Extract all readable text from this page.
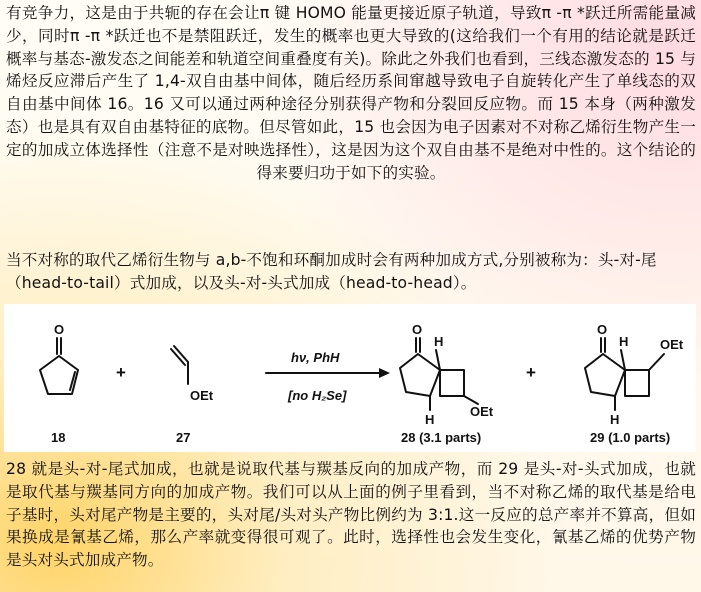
有竞争力，这是由于共轭的存在会让π 键 HOMO 能量更接近原子轨道，导致π -π *跃迁所需能量减少，同时π -π *跃迁也不是禁阻跃迁，发生的概率也更大导致的(这给我们一个有用的结论就是跃迁概率与基态-激发态之间能差和轨道空间重叠度有关)。除此之外我们也看到，三线态激发态的 15 与烯烃反应滞后产生了 1,4-双自由基中间体，随后经历系间窜越导致电子自旋转化产生了单线态的双自由基中间体 16。16 又可以通过两种途径分别获得产物和分裂回反应物。而 15 本身（两种激发态）也是具有双自由基特征的底物。但尽管如此，15 也会因为电子因素对不对称乙烯衍生物产生一定的加成立体选择性（注意不是对映选择性），这是因为这个双自由基不是绝对中性的。这个结论的得来要归功于如下的实验。

当不对称的取代乙烯衍生物与 a,b-不饱和环酮加成时会有两种加成方式,分别被称为：头-对-尾（head-to-tail）式加成，以及头-对-头式加成（head-to-head）。

O
OEt
O
H
H
OEt
O
H
H
OEt
+	+
hν, PhH
[no H₂Se]
18	27	28 (3.1 parts)	29 (1.0 parts)

28 就是头-对-尾式加成，也就是说取代基与羰基反向的加成产物，而 29 是头-对-头式加成，也就是取代基与羰基同方向的加成产物。我们可以从上面的例子里看到，当不对称乙烯的取代基是给电子基时，头对尾产物是主要的，头对尾/头对头产物比例约为 3:1.这一反应的总产率并不算高，但如果换成是氰基乙烯，那么产率就变得很可观了。此时，选择性也会发生变化，氰基乙烯的优势产物是头对头式加成产物。
